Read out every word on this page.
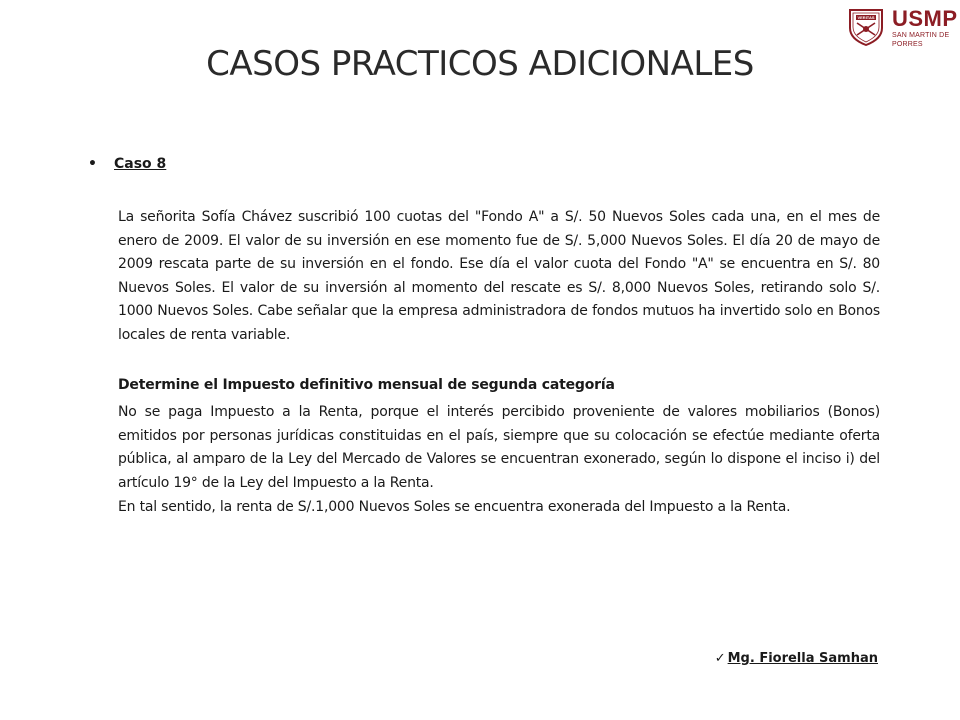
VERITAS USMP
SAN MARTIN DE PORRES
CASOS PRACTICOS ADICIONALES
• Caso 8

La señorita Sofía Chávez suscribió 100 cuotas del "Fondo A" a S/. 50 Nuevos Soles cada una, en el mes de enero de 2009. El valor de su inversión en ese momento fue de S/. 5,000 Nuevos Soles. El día 20 de mayo de 2009 rescata parte de su inversión en el fondo. Ese día el valor cuota del Fondo "A" se encuentra en S/. 80 Nuevos Soles. El valor de su inversión al momento del rescate es S/. 8,000 Nuevos Soles, retirando solo S/. 1000 Nuevos Soles. Cabe señalar que la empresa administradora de fondos mutuos ha invertido solo en Bonos locales de renta variable.

Determine el Impuesto definitivo mensual de segunda categoría

No se paga Impuesto a la Renta, porque el interés percibido proveniente de valores mobiliarios (Bonos) emitidos por personas jurídicas constituidas en el país, siempre que su colocación se efectúe mediante oferta pública, al amparo de la Ley del Mercado de Valores se encuentran exonerado, según lo dispone el inciso i) del artículo 19° de la Ley del Impuesto a la Renta.

En tal sentido, la renta de S/.1,000 Nuevos Soles se encuentra exonerada del Impuesto a la Renta.

✓ Mg. Fiorella Samhan
